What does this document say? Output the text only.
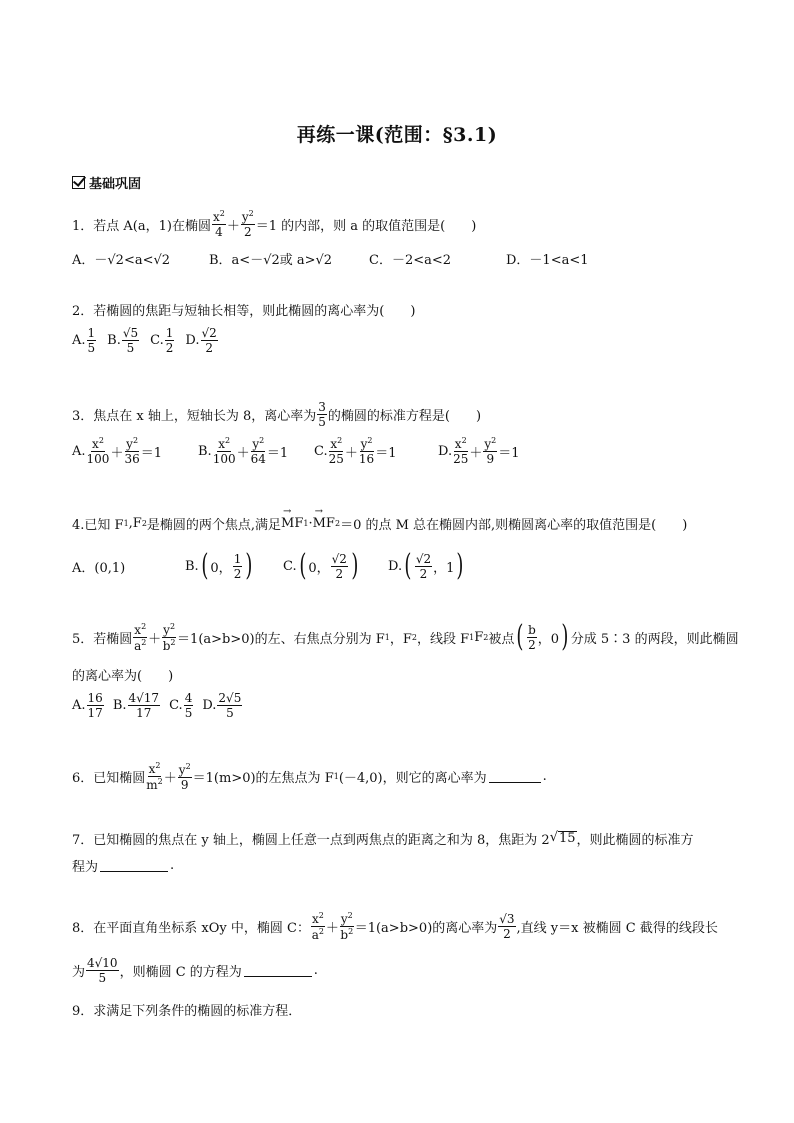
再练一课(范围：§3.1)
基础巩固
1．若点 A(a，1)在椭圆 $\frac{x^2}{4} + \frac{y^2}{2} =1$ 的内部，则 a 的取值范围是(　　)
A．－√2<a<√2	B．a<－√2或 a>√2	C．－2<a<2	D．－1<a<1
2．若椭圆的焦距与短轴长相等，则此椭圆的离心率为(　　)
A. $\frac{1}{5} B$. $\frac{√5}{5} C$. $\frac{1}{2} D$. $\frac{√2}{2}$
3．焦点在 x 轴上，短轴长为 8，离心率为 $\frac{3}{5}$ 的椭圆的标准方程是(　　)
A. $\frac{x^2}{100} + \frac{y^2}{36} =1$	B. $\frac{x^2}{100} + \frac{y^2}{64} =1$	C. $\frac{x^2}{25} + \frac{y^2}{16} =1$	D. $\frac{x^2}{25} + \frac{y^2}{9} =1$
4.已知 F 1 ,F 2 是椭圆的两个焦点,满足 → MF 1 · → MF 2 ＝0 的点 M 总在椭圆内部,则椭圆离心率的取值范围是(　　)
A．(0,1)	B. ( 0， $\frac{1}{2}$ ) C. ( 0， $\frac{√2}{2}$ ) D. ( $\frac{√2}{2}$ ，1 )
5．若椭圆 $\frac{x^2}{a^2} + \frac{y^2}{b^2} =1(a>b>0)$的左、右焦点分别为 F 1 ，F 2 ，线段 F 1 F 2 被点 ( $\frac{b}{2}$ ，0 ) 分成 5∶3 的两段，则此椭圆
的离心率为(　　)
A. $\frac{16}{17} B$. $\frac{4√17}{17} C$. $\frac{4}{5} D$. $\frac{2√5}{5}$
6．已知椭圆 $\frac{x^2}{m^2} + \frac{y^2}{9} =1(m>0)$的左焦点为 F 1 (－4,0)，则它的离心率为	.
7．已知椭圆的焦点在 y 轴上，椭圆上任意一点到两焦点的距离之和为 8，焦距为 2 √ 15 ，则此椭圆的标准方
程为	.
8．在平面直角坐标系 xOy 中，椭圆 C： $\frac{x^2}{a^2} + \frac{y^2}{b^2} =1(a>b>0)$的离心率为 $\frac{√3}{2}$ ,直线 y＝x 被椭圆 C 截得的线段长
为 $\frac{4√10}{5}$ ，则椭圆 C 的方程为	.
9．求满足下列条件的椭圆的标准方程．
